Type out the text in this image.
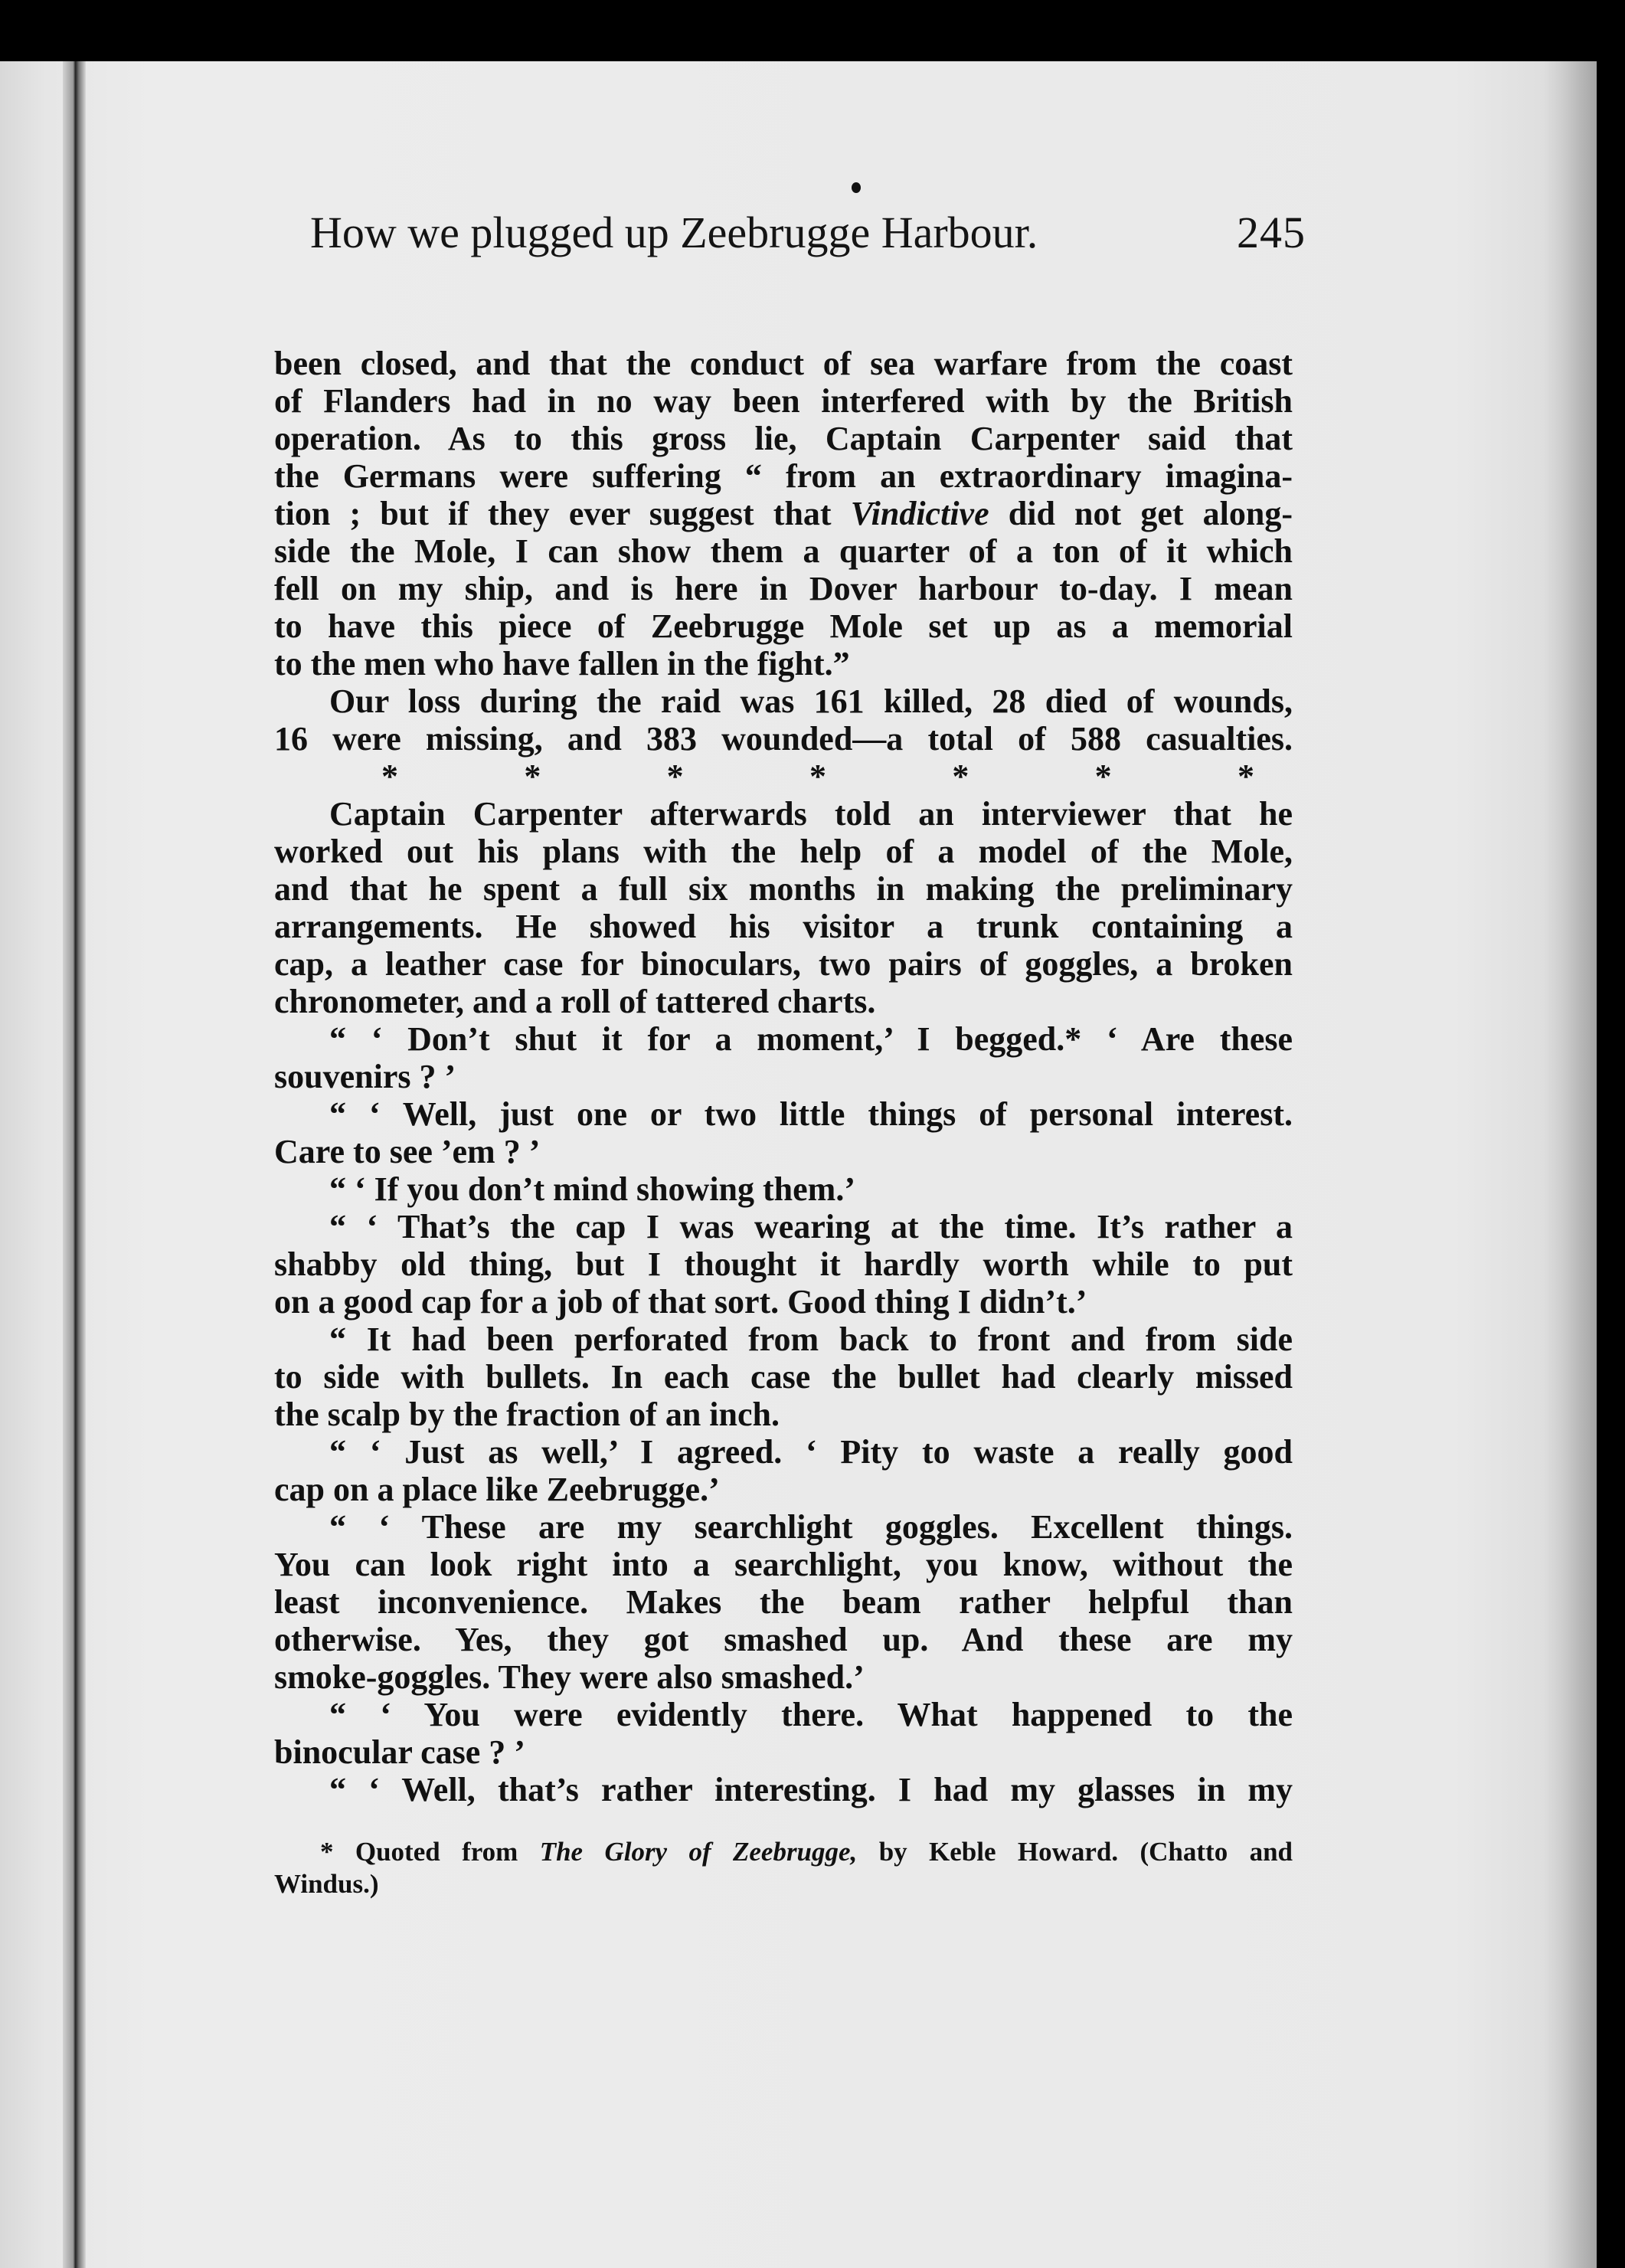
How we plugged up Zeebrugge Harbour.	245
been closed, and that the conduct of sea warfare from the coast
of Flanders had in no way been interfered with by the British
operation. As to this gross lie, Captain Carpenter said that
the Germans were suffering “ from an extraordinary imagina-
tion ; but if they ever suggest that Vindictive did not get along-
side the Mole, I can show them a quarter of a ton of it which
fell on my ship, and is here in Dover harbour to-day. I mean
to have this piece of Zeebrugge Mole set up as a memorial
to the men who have fallen in the fight.”
Our loss during the raid was 161 killed, 28 died of wounds,
16 were missing, and 383 wounded—a total of 588 casualties.
*	*	*	*	*	*	*
Captain Carpenter afterwards told an interviewer that he
worked out his plans with the help of a model of the Mole,
and that he spent a full six months in making the preliminary
arrangements. He showed his visitor a trunk containing a
cap, a leather case for binoculars, two pairs of goggles, a broken
chronometer, and a roll of tattered charts.
“ ‘ Don’t shut it for a moment,’ I begged.* ‘ Are these
souvenirs ? ’
“ ‘ Well, just one or two little things of personal interest.
Care to see ’em ? ’
“ ‘ If you don’t mind showing them.’
“ ‘ That’s the cap I was wearing at the time. It’s rather a
shabby old thing, but I thought it hardly worth while to put
on a good cap for a job of that sort. Good thing I didn’t.’
“ It had been perforated from back to front and from side
to side with bullets. In each case the bullet had clearly missed
the scalp by the fraction of an inch.
“ ‘ Just as well,’ I agreed. ‘ Pity to waste a really good
cap on a place like Zeebrugge.’
“ ‘ These are my searchlight goggles. Excellent things.
You can look right into a searchlight, you know, without the
least inconvenience. Makes the beam rather helpful than
otherwise. Yes, they got smashed up. And these are my
smoke-goggles. They were also smashed.’
“ ‘ You were evidently there. What happened to the
binocular case ? ’
“ ‘ Well, that’s rather interesting. I had my glasses in my
* Quoted from The Glory of Zeebrugge, by Keble Howard. (Chatto and
Windus.)
